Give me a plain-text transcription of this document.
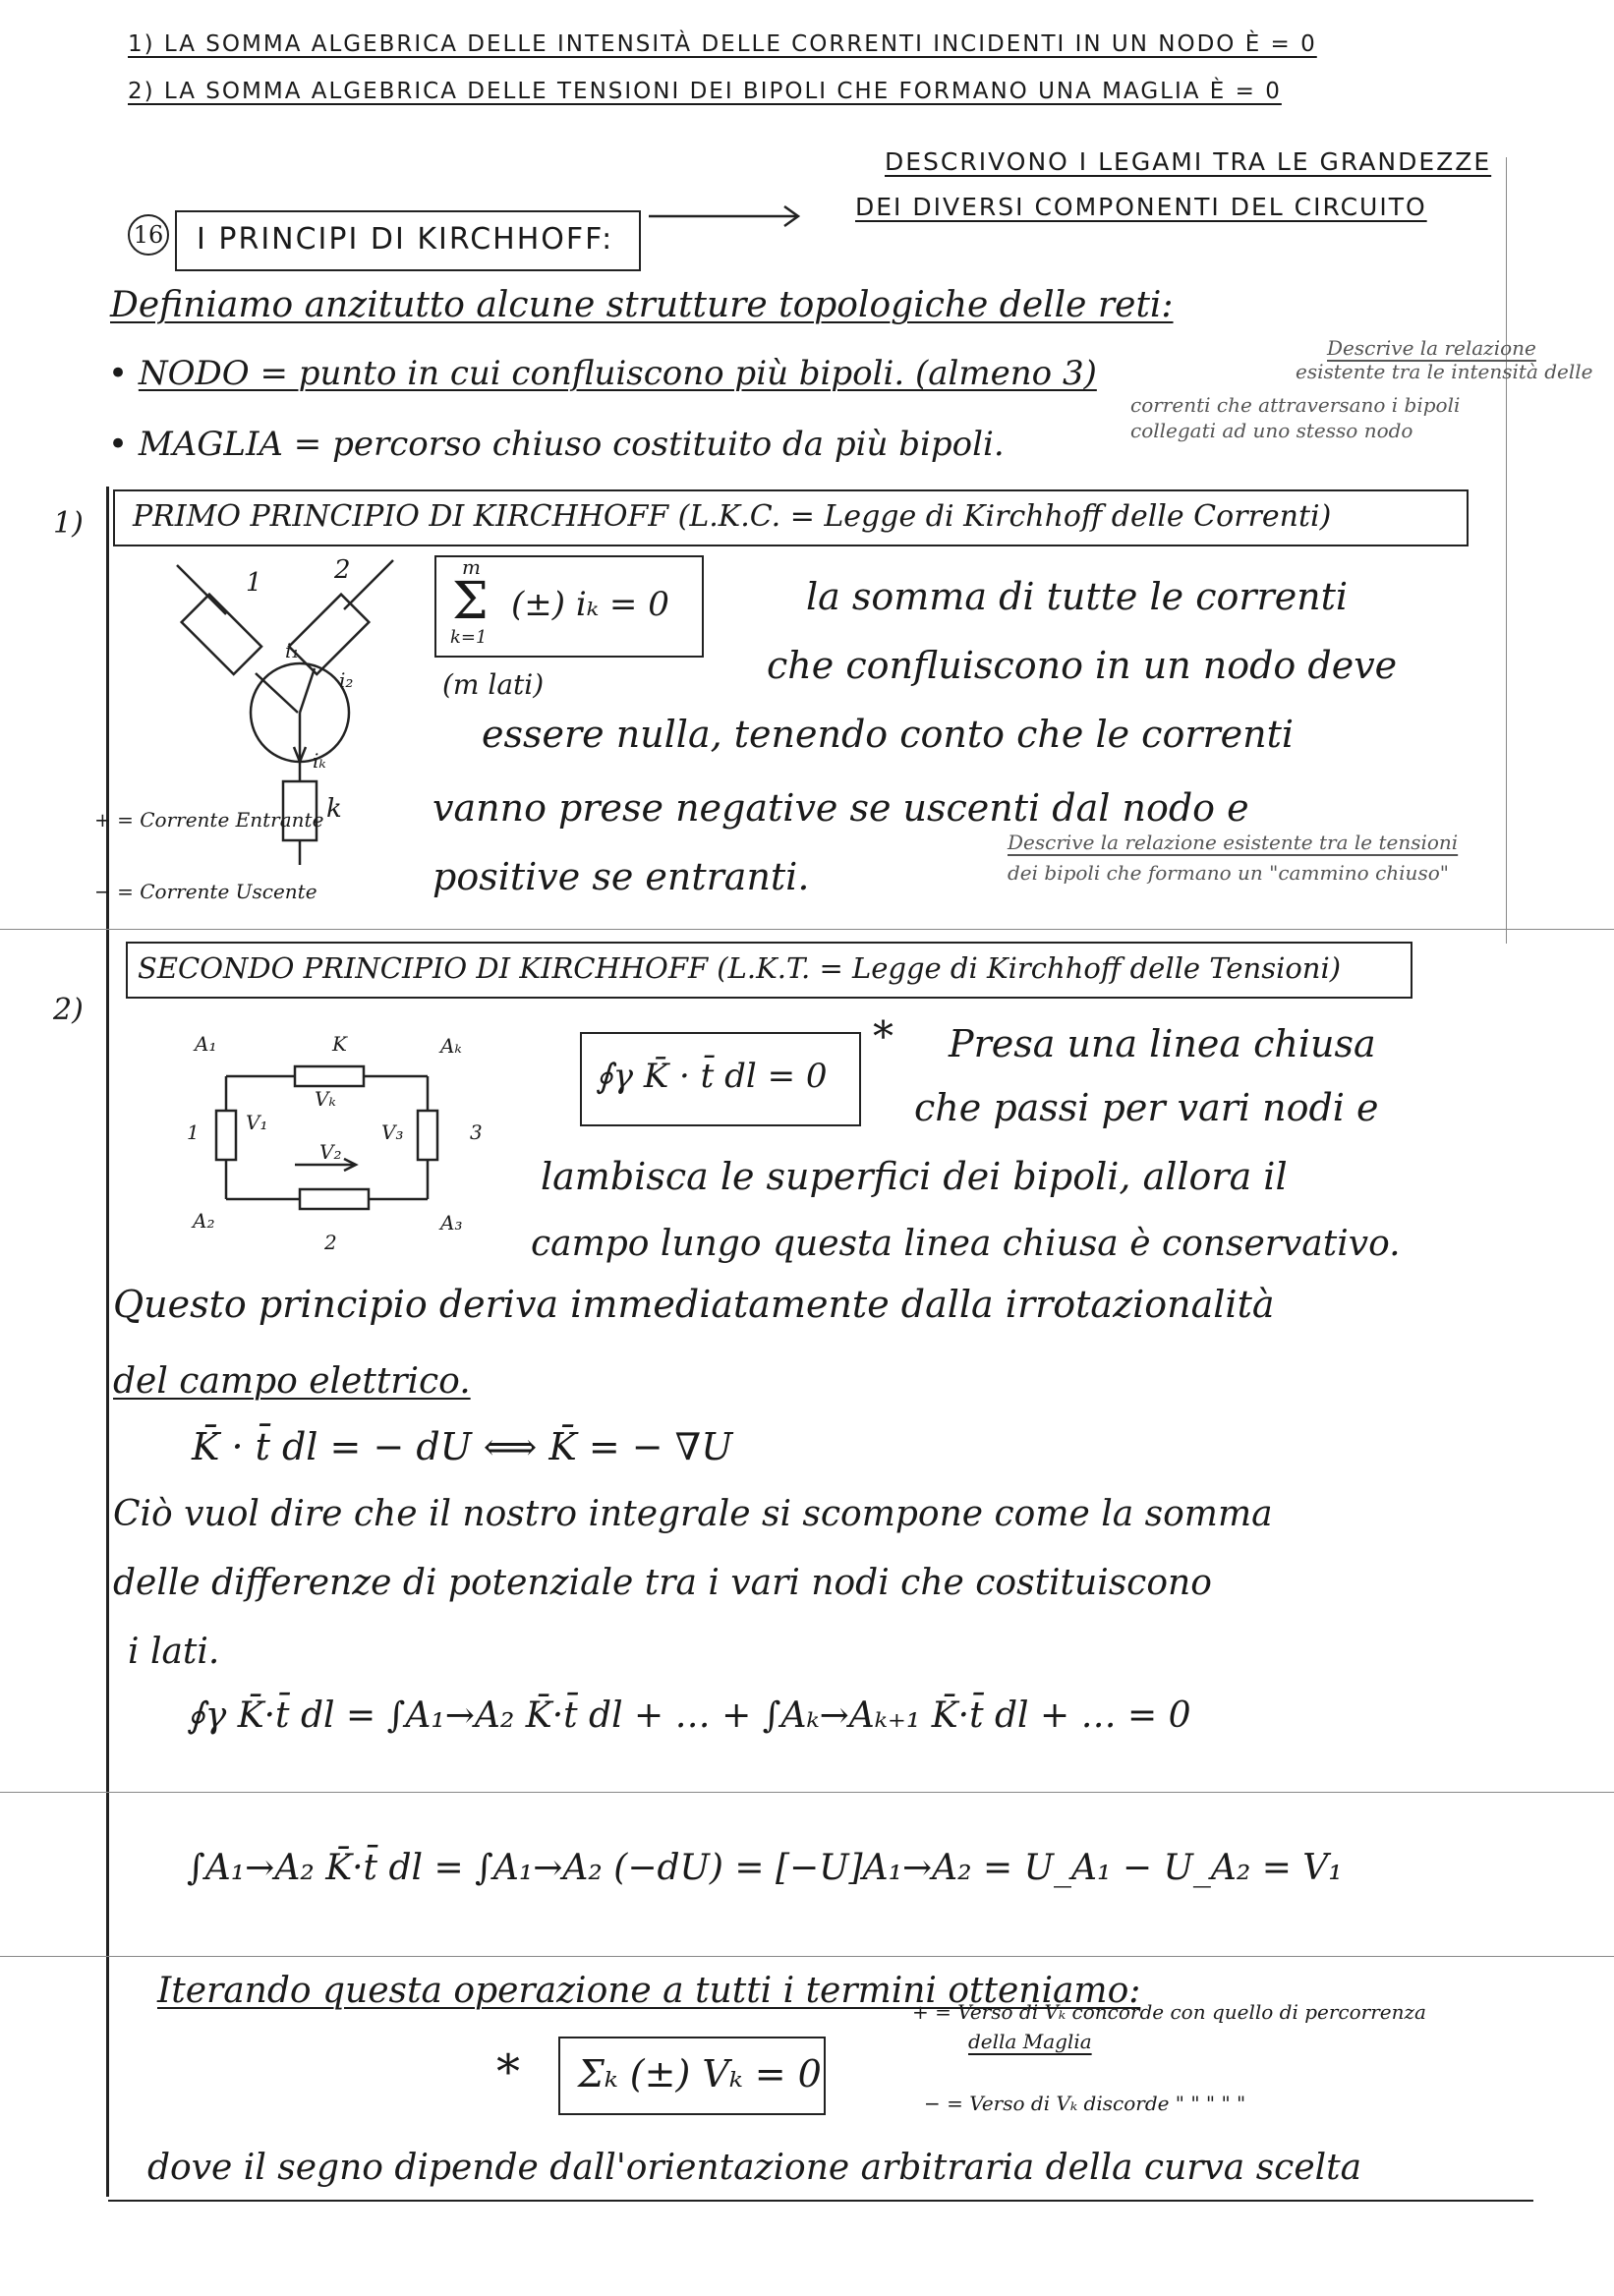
1) LA SOMMA ALGEBRICA DELLE INTENSITÀ DELLE CORRENTI INCIDENTI IN UN NODO È = 0
2) LA SOMMA ALGEBRICA DELLE TENSIONI DEI BIPOLI CHE FORMANO UNA MAGLIA È = 0
16 I PRINCIPI DI KIRCHHOFF:
DESCRIVONO I LEGAMI TRA LE GRANDEZZE
DEI DIVERSI COMPONENTI DEL CIRCUITO
Definiamo anzitutto alcune strutture topologiche delle reti:
• NODO = punto in cui confluiscono più bipoli. (almeno 3)
Descrive la relazione
esistente tra le intensità delle
• MAGLIA = percorso chiuso costituito da più bipoli.
correnti che attraversano i bipoli
collegati ad uno stesso nodo
1) PRIMO PRINCIPIO DI KIRCHHOFF (L.K.C. = Legge di Kirchhoff delle Correnti)
1	2
i₁
i₂
iₖ
k
+ = Corrente Entrante
− = Corrente Uscente
m
Σ
k=1
(±) iₖ = 0
(m lati)
la somma di tutte le correnti
che confluiscono in un nodo deve
essere nulla, tenendo conto che le correnti
vanno prese negative se uscenti dal nodo e
positive se entranti.
Descrive la relazione esistente tra le tensioni
dei bipoli che formano un "cammino chiuso"
2)
SECONDO PRINCIPIO DI KIRCHHOFF (L.K.T. = Legge di Kirchhoff delle Tensioni)
A₁	Aₖ
A₂	A₃
K
Vₖ
1 V₁	3
V₃
V₂
2
∮γ K̄ · t̄ dl = 0
* Presa una linea chiusa
che passi per vari nodi e
lambisca le superfici dei bipoli, allora il
campo lungo questa linea chiusa è conservativo.
Questo principio deriva immediatamente dalla irrotazionalità
del campo elettrico.
K̄ · t̄ dl = − dU ⟺ K̄ = − ∇U
Ciò vuol dire che il nostro integrale si scompone come la somma
delle differenze di potenziale tra i vari nodi che costituiscono
i lati.
∮γ K̄·t̄ dl = ∫A₁→A₂ K̄·t̄ dl + … + ∫Aₖ→Aₖ₊₁ K̄·t̄ dl + … = 0
∫A₁→A₂ K̄·t̄ dl = ∫A₁→A₂ (−dU) = [−U]A₁→A₂ = U_A₁ − U_A₂ = V₁
Iterando questa operazione a tutti i termini otteniamo:
* Σₖ (±) Vₖ = 0
+ = Verso di Vₖ concorde con quello di percorrenza
della Maglia
− = Verso di Vₖ discorde " " " " "
dove il segno dipende dall'orientazione arbitraria della curva scelta
